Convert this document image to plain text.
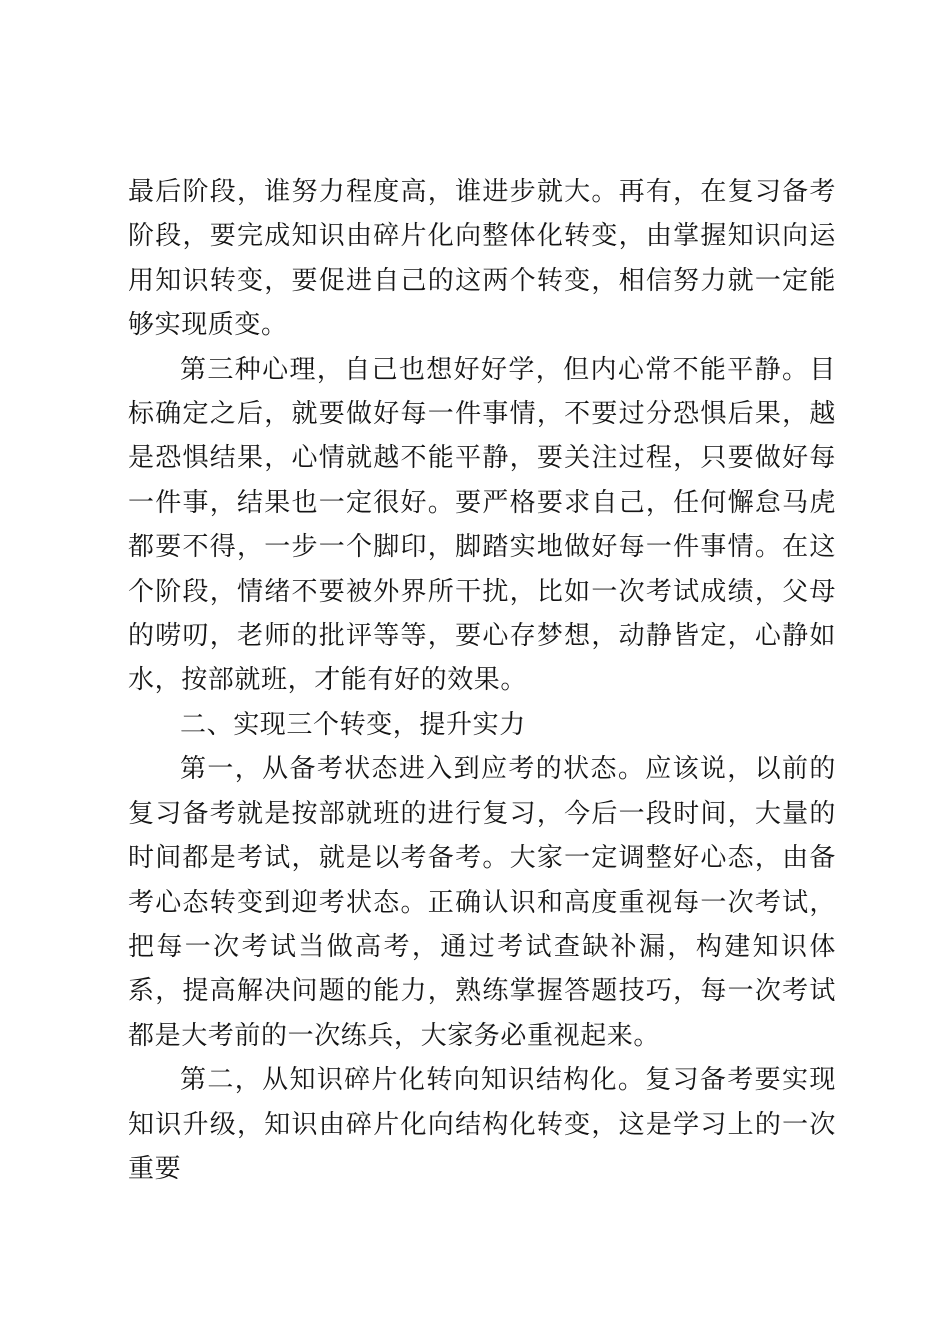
最后阶段，谁努力程度高，谁进步就大。再有，在复习备考阶段，要完成知识由碎片化向整体化转变，由掌握知识向运用知识转变，要促进自己的这两个转变，相信努力就一定能够实现质变。

第三种心理，自己也想好好学，但内心常不能平静。目标确定之后，就要做好每一件事情，不要过分恐惧后果，越是恐惧结果，心情就越不能平静，要关注过程，只要做好每一件事，结果也一定很好。要严格要求自己，任何懈怠马虎都要不得，一步一个脚印，脚踏实地做好每一件事情。在这个阶段，情绪不要被外界所干扰，比如一次考试成绩，父母的唠叨，老师的批评等等，要心存梦想，动静皆定，心静如水，按部就班，才能有好的效果。

二、实现三个转变，提升实力

第一，从备考状态进入到应考的状态。应该说，以前的复习备考就是按部就班的进行复习，今后一段时间，大量的时间都是考试，就是以考备考。大家一定调整好心态，由备考心态转变到迎考状态。正确认识和高度重视每一次考试，把每一次考试当做高考，通过考试查缺补漏，构建知识体系，提高解决问题的能力，熟练掌握答题技巧，每一次考试都是大考前的一次练兵，大家务必重视起来。

第二，从知识碎片化转向知识结构化。复习备考要实现知识升级，知识由碎片化向结构化转变，这是学习上的一次重要
